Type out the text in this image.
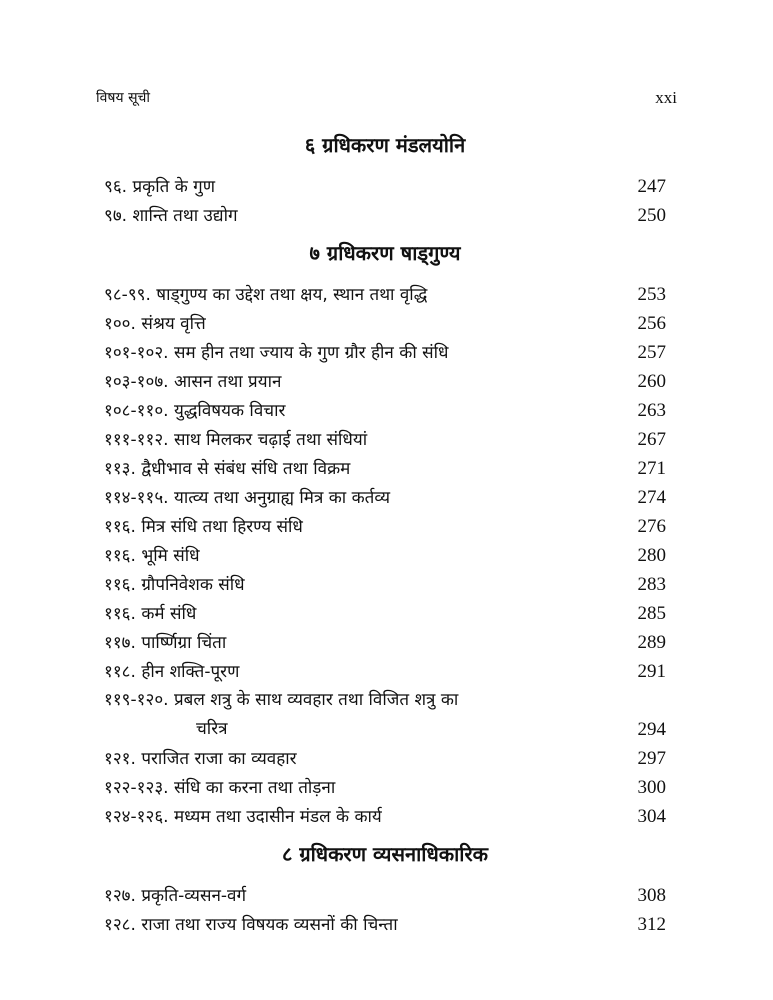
विषय सूची	xxi
६ ग्रधिकरण मंडलयोनि
९६. प्रकृति के गुण	247
९७. शान्ति तथा उद्योग	250
७ ग्रधिकरण षाड्गुण्य
९८-९९. षाड्गुण्य का उद्देश तथा क्षय, स्थान तथा वृद्धि	253
१००. संश्रय वृत्ति	256
१०१-१०२. सम हीन तथा ज्याय के गुण ग्रौर हीन की संधि	257
१०३-१०७. आसन तथा प्रयान	260
१०८-११०. युद्धविषयक विचार	263
१११-११२. साथ मिलकर चढ़ाई तथा संधियां	267
११३. द्वैधीभाव से संबंध संधि तथा विक्रम	271
११४-११५. यात्व्य तथा अनुग्राह्य मित्र का कर्तव्य	274
११६. मित्र संधि तथा हिरण्य संधि	276
११६. भूमि संधि	280
११६. ग्रौपनिवेशक संधि	283
११६. कर्म संधि	285
११७. पार्ष्णिग्रा चिंता	289
११८. हीन शक्ति-पूरण	291
११९-१२०. प्रबल शत्रु के साथ व्यवहार तथा विजित शत्रु का
चरित्र	294
१२१. पराजित राजा का व्यवहार	297
१२२-१२३. संधि का करना तथा तोड़ना	300
१२४-१२६. मध्यम तथा उदासीन मंडल के कार्य	304
८ ग्रधिकरण व्यसनाधिकारिक
१२७. प्रकृति-व्यसन-वर्ग	308
१२८. राजा तथा राज्य विषयक व्यसनों की चिन्ता	312
